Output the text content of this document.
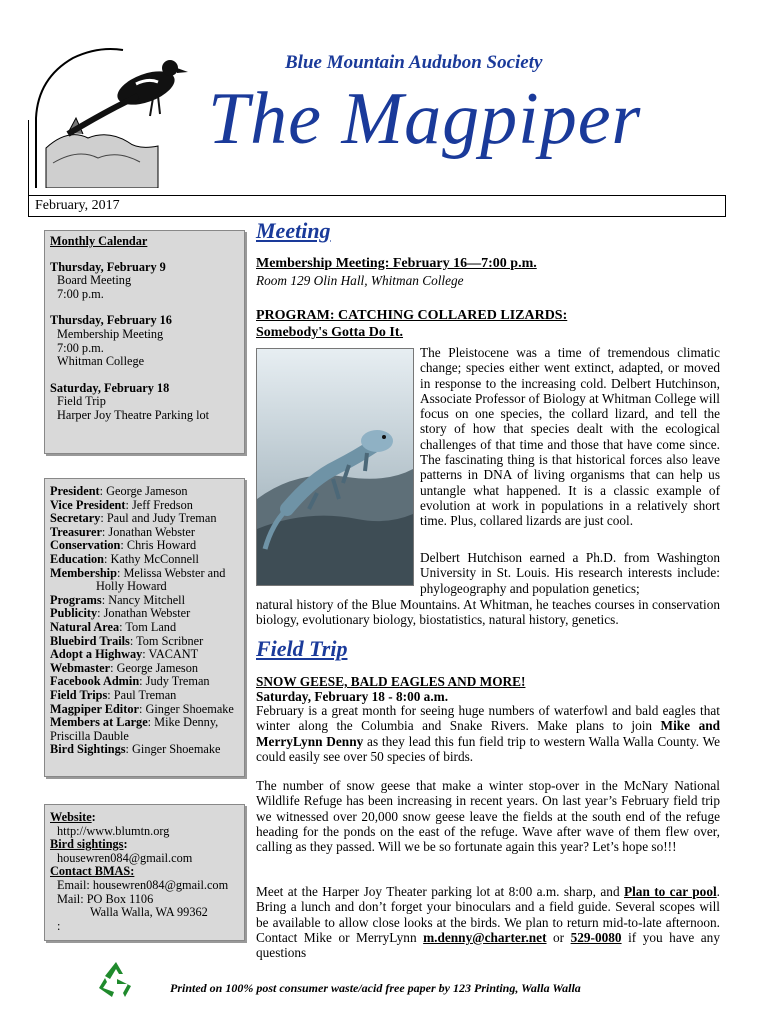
Blue Mountain Audubon Society
The Magpiper
February, 2017
Monthly Calendar
Thursday, February 9
Board Meeting
7:00 p.m.
Thursday, February 16
Membership Meeting
7:00 p.m.
Whitman College
Saturday, February 18
Field Trip
Harper Joy Theatre Parking lot
President: George Jameson
Vice President: Jeff Fredson
Secretary: Paul and Judy Treman
Treasurer: Jonathan Webster
Conservation: Chris Howard
Education: Kathy McConnell
Membership: Melissa Webster and
Holly Howard
Programs: Nancy Mitchell
Publicity: Jonathan Webster
Natural Area: Tom Land
Bluebird Trails: Tom Scribner
Adopt a Highway: VACANT
Webmaster: George Jameson
Facebook Admin: Judy Treman
Field Trips: Paul Treman
Magpiper Editor: Ginger Shoemake
Members at Large: Mike Denny,
Priscilla Dauble
Bird Sightings: Ginger Shoemake
Website:
http://www.blumtn.org
Bird sightings:
housewren084@gmail.com
Contact BMAS:
Email: housewren084@gmail.com
Mail: PO Box 1106
Walla Walla, WA 99362
:
Meeting
Membership Meeting: February 16—7:00 p.m.
Room 129 Olin Hall, Whitman College
PROGRAM: CATCHING COLLARED LIZARDS:
Somebody's Gotta Do It.
The Pleistocene was a time of tremendous climatic change; species either went extinct, adapted, or moved in response to the increasing cold. Delbert Hutchinson, Associate Professor of Biology at Whitman College will focus on one species, the collard lizard, and tell the story of how that species dealt with the ecological challenges of that time and those that have come since. The fascinating thing is that historical forces also leave patterns in DNA of living organisms that can help us untangle what happened. It is a classic example of evolution at work in populations in a relatively short time. Plus, collared lizards are just cool.
Delbert Hutchison earned a Ph.D. from Washington University in St. Louis. His research interests include: phylogeography and population genetics;
natural history of the Blue Mountains. At Whitman, he teaches courses in conservation biology, evolutionary biology, biostatistics, natural history, genetics.
Field Trip
SNOW GEESE, BALD EAGLES AND MORE!
Saturday, February 18 - 8:00 a.m.
February is a great month for seeing huge numbers of waterfowl and bald eagles that winter along the Columbia and Snake Rivers. Make plans to join Mike and MerryLynn Denny as they lead this fun field trip to western Walla Walla County. We could easily see over 50 species of birds.
The number of snow geese that make a winter stop-over in the McNary National Wildlife Refuge has been increasing in recent years. On last year’s February field trip we witnessed over 20,000 snow geese leave the fields at the south end of the refuge heading for the ponds on the east of the refuge. Wave after wave of them flew over, calling as they passed. Will we be so fortunate again this year? Let’s hope so!!!
Meet at the Harper Joy Theater parking lot at 8:00 a.m. sharp, and Plan to car pool. Bring a lunch and don’t forget your binoculars and a field guide. Several scopes will be available to allow close looks at the birds. We plan to return mid-to-late afternoon. Contact Mike or MerryLynn m.denny@charter.net or 529-0080 if you have any questions
Printed on 100% post consumer waste/acid free paper by 123 Printing, Walla Walla
